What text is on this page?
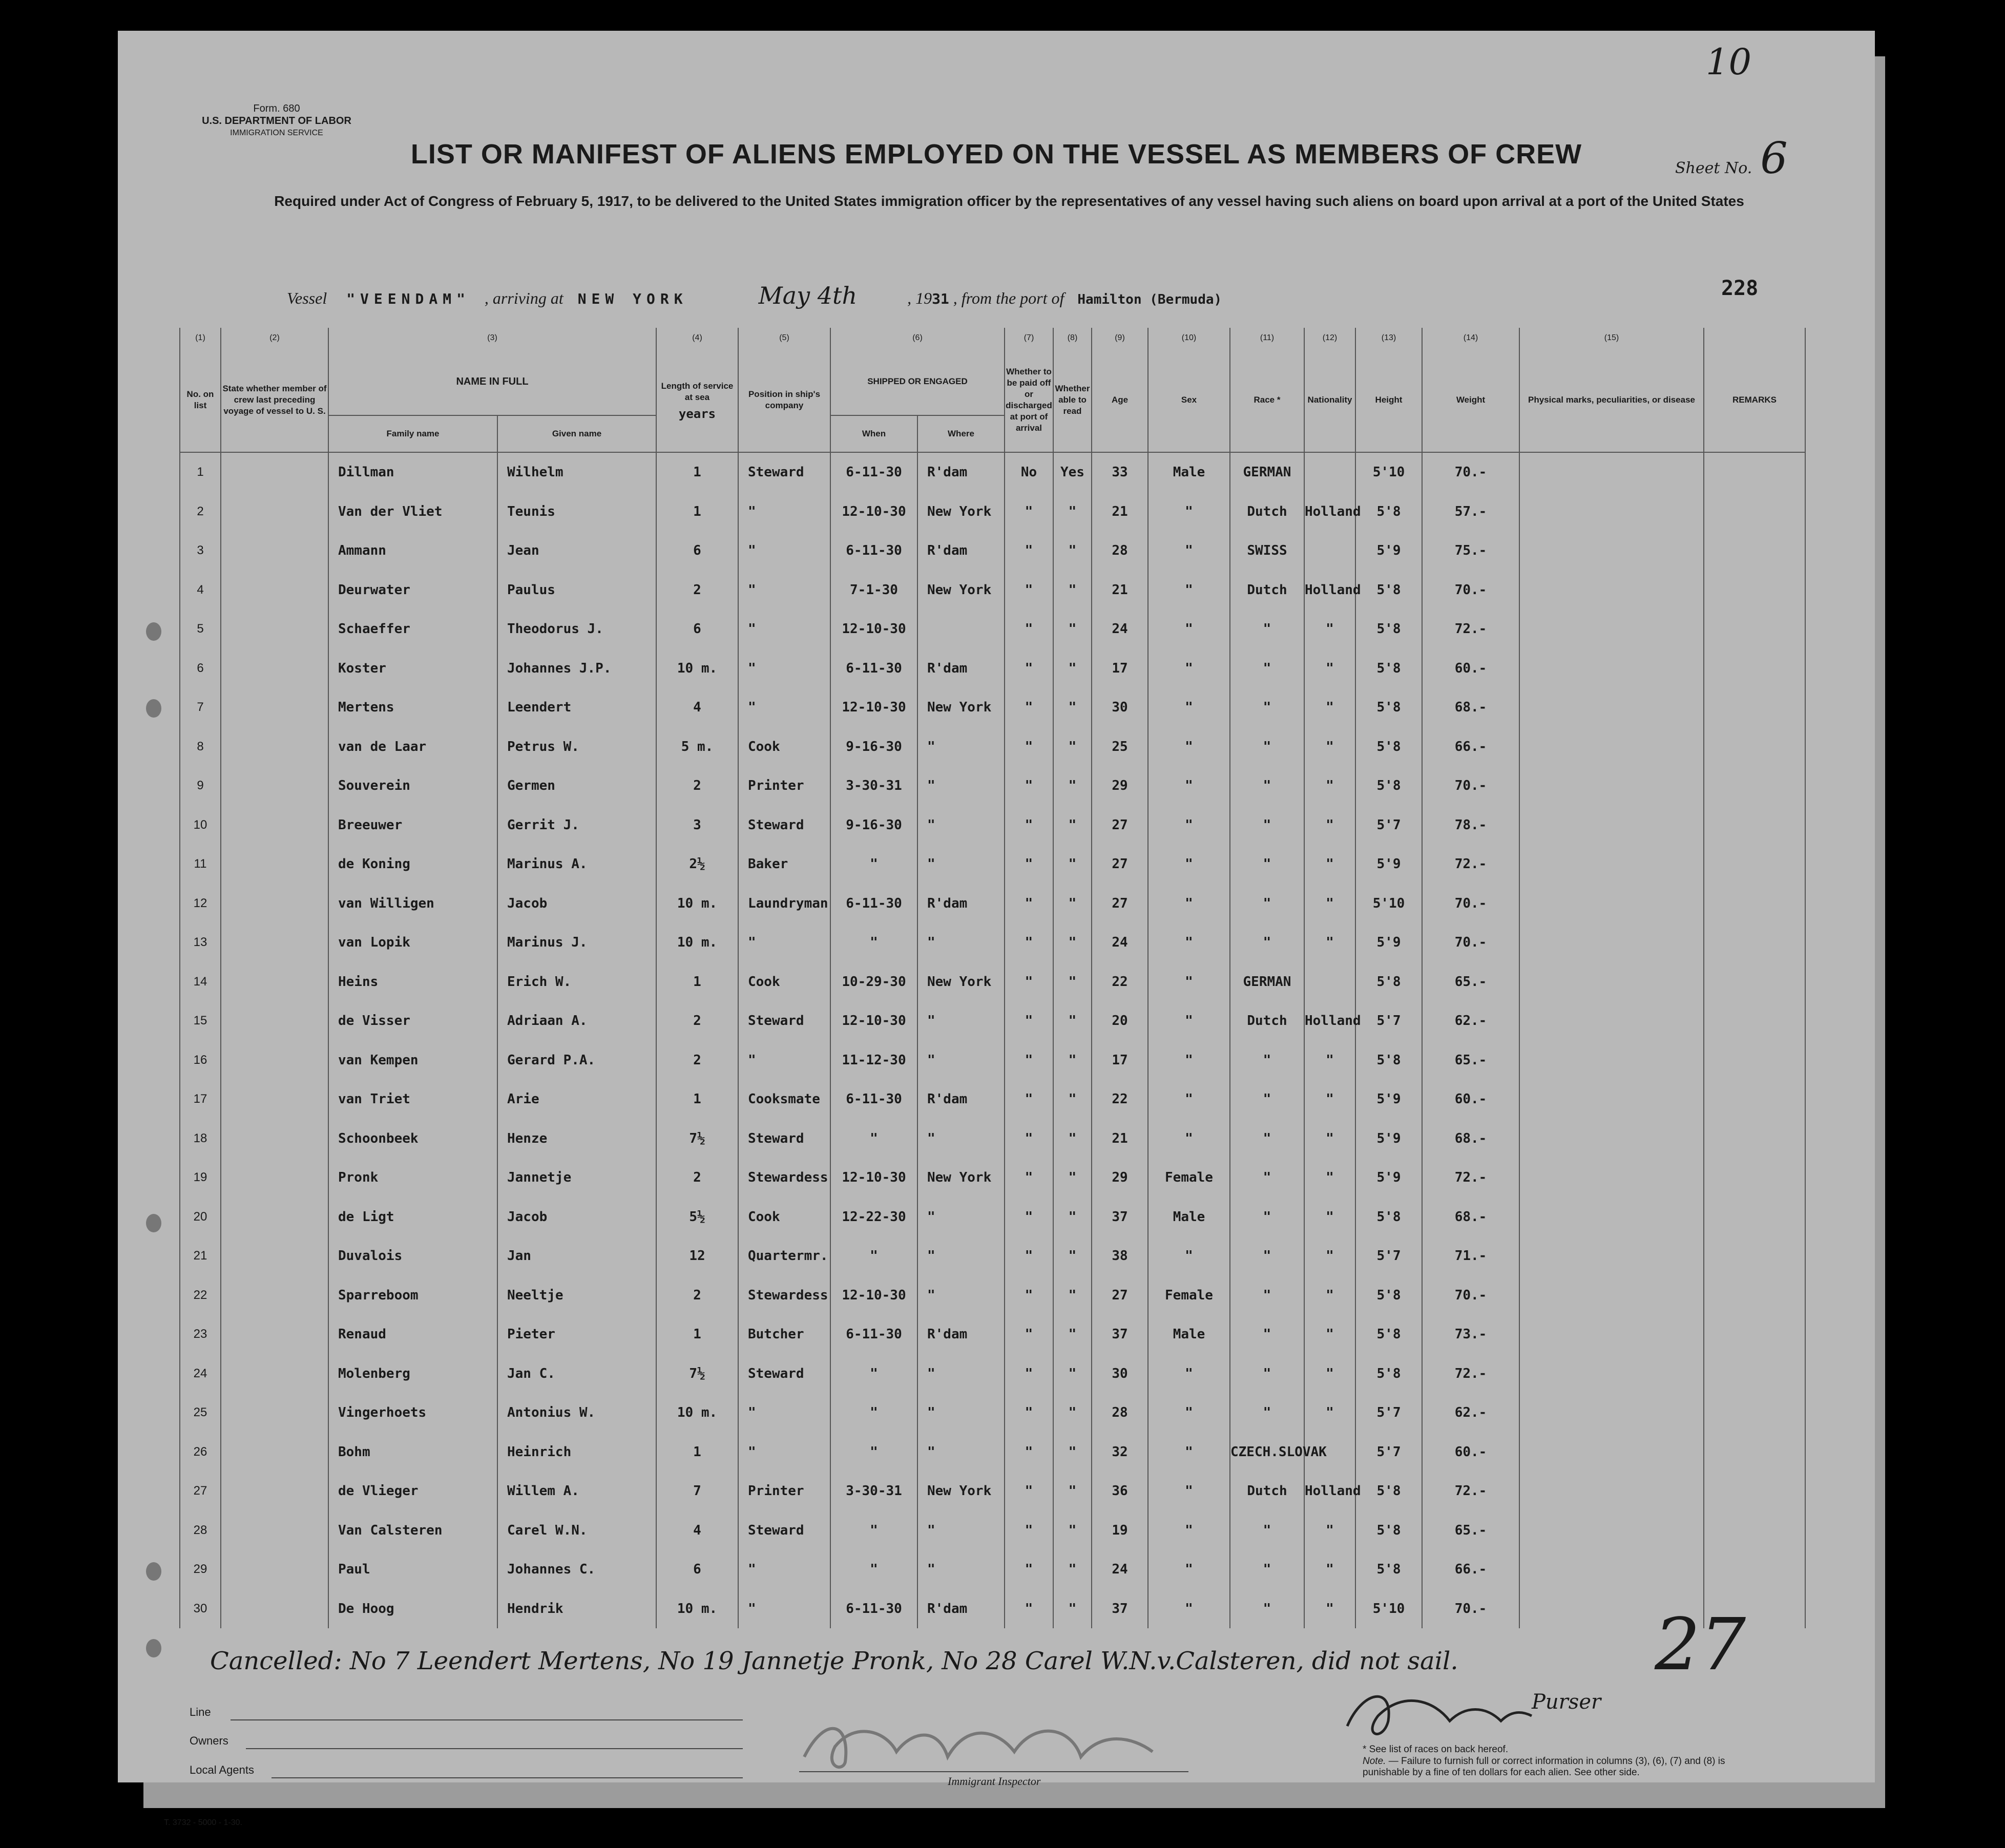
Form. 680
U.S. DEPARTMENT OF LABOR
IMMIGRATION SERVICE
10
Sheet No. 6
LIST OR MANIFEST OF ALIENS EMPLOYED ON THE VESSEL AS MEMBERS OF CREW
Required under Act of Congress of February 5, 1917, to be delivered to the United States immigration officer by the representatives of any vessel having such aliens on board upon arrival at a port of the United States
Vessel "VEENDAM" , arriving at NEW YORK	May 4th	, 1931 , from the port of Hamilton (Bermuda)	228
(1)	(2)	(3)		(4)	(5)	(6)		(7)	(8)	(9)	(10)	(11)	(12)	(13)	(14)	(15)	
No. on list	State whether member of crew last preceding voyage of vessel to U. S.	NAME IN FULL		Length of service at sea
years	Position in ship's company	SHIPPED OR ENGAGED		Whether to be paid off or discharged at port of arrival	Whether able to read	Age	Sex	Race *	Nationality	Height	Weight	Physical marks, peculiarities, or disease	REMARKS
		Family name	Given name			When	Where										
1		Dillman	Wilhelm	1	Steward	6-11-30	R'dam	No	Yes	33	Male	GERMAN		5'10	70.-		
2		Van der Vliet	Teunis	1	"	12-10-30	New York	"	"	21	"	Dutch	Holland	5'8	57.-		
3		Ammann	Jean	6	"	6-11-30	R'dam	"	"	28	"	SWISS		5'9	75.-		
4		Deurwater	Paulus	2	"	7-1-30	New York	"	"	21	"	Dutch	Holland	5'8	70.-		
5		Schaeffer	Theodorus J.	6	"	12-10-30		"	"	24	"	"	"	5'8	72.-		
6		Koster	Johannes J.P.	10 m.	"	6-11-30	R'dam	"	"	17	"	"	"	5'8	60.-		
7		Mertens	Leendert	4	"	12-10-30	New York	"	"	30	"	"	"	5'8	68.-		
8		van de Laar	Petrus W.	5 m.	Cook	9-16-30	"	"	"	25	"	"	"	5'8	66.-		
9		Souverein	Germen	2	Printer	3-30-31	"	"	"	29	"	"	"	5'8	70.-		
10		Breeuwer	Gerrit J.	3	Steward	9-16-30	"	"	"	27	"	"	"	5'7	78.-		
11		de Koning	Marinus A.	2½	Baker	"	"	"	"	27	"	"	"	5'9	72.-		
12		van Willigen	Jacob	10 m.	Laundryman	6-11-30	R'dam	"	"	27	"	"	"	5'10	70.-		
13		van Lopik	Marinus J.	10 m.	"	"	"	"	"	24	"	"	"	5'9	70.-		
14		Heins	Erich W.	1	Cook	10-29-30	New York	"	"	22	"	GERMAN		5'8	65.-		
15		de Visser	Adriaan A.	2	Steward	12-10-30	"	"	"	20	"	Dutch	Holland	5'7	62.-		
16		van Kempen	Gerard P.A.	2	"	11-12-30	"	"	"	17	"	"	"	5'8	65.-		
17		van Triet	Arie	1	Cooksmate	6-11-30	R'dam	"	"	22	"	"	"	5'9	60.-		
18		Schoonbeek	Henze	7½	Steward	"	"	"	"	21	"	"	"	5'9	68.-		
19		Pronk	Jannetje	2	Stewardess	12-10-30	New York	"	"	29	Female	"	"	5'9	72.-		
20		de Ligt	Jacob	5½	Cook	12-22-30	"	"	"	37	Male	"	"	5'8	68.-		
21		Duvalois	Jan	12	Quartermr.	"	"	"	"	38	"	"	"	5'7	71.-		
22		Sparreboom	Neeltje	2	Stewardess	12-10-30	"	"	"	27	Female	"	"	5'8	70.-		
23		Renaud	Pieter	1	Butcher	6-11-30	R'dam	"	"	37	Male	"	"	5'8	73.-		
24		Molenberg	Jan C.	7½	Steward	"	"	"	"	30	"	"	"	5'8	72.-		
25		Vingerhoets	Antonius W.	10 m.	"	"	"	"	"	28	"	"	"	5'7	62.-		
26		Bohm	Heinrich	1	"	"	"	"	"	32	"	CZECH.SLOVAK		5'7	60.-		
27		de Vlieger	Willem A.	7	Printer	3-30-31	New York	"	"	36	"	Dutch	Holland	5'8	72.-		
28		Van Calsteren	Carel W.N.	4	Steward	"	"	"	"	19	"	"	"	5'8	65.-		
29		Paul	Johannes C.	6	"	"	"	"	"	24	"	"	"	5'8	66.-		
30		De Hoog	Hendrik	10 m.	"	6-11-30	R'dam	"	"	37	"	"	"	5'10	70.-		
Cancelled: No 7 Leendert Mertens, No 19 Jannetje Pronk, No 28 Carel W.N.v.Calsteren, did not sail.
Purser
27
Line
Owners
Local Agents
Immigrant Inspector
* See list of races on back hereof.
Note. — Failure to furnish full or correct information in columns (3), (6), (7) and (8) is punishable by a fine of ten dollars for each alien. See other side.
T. 3732 - 5000 - 1-30.
